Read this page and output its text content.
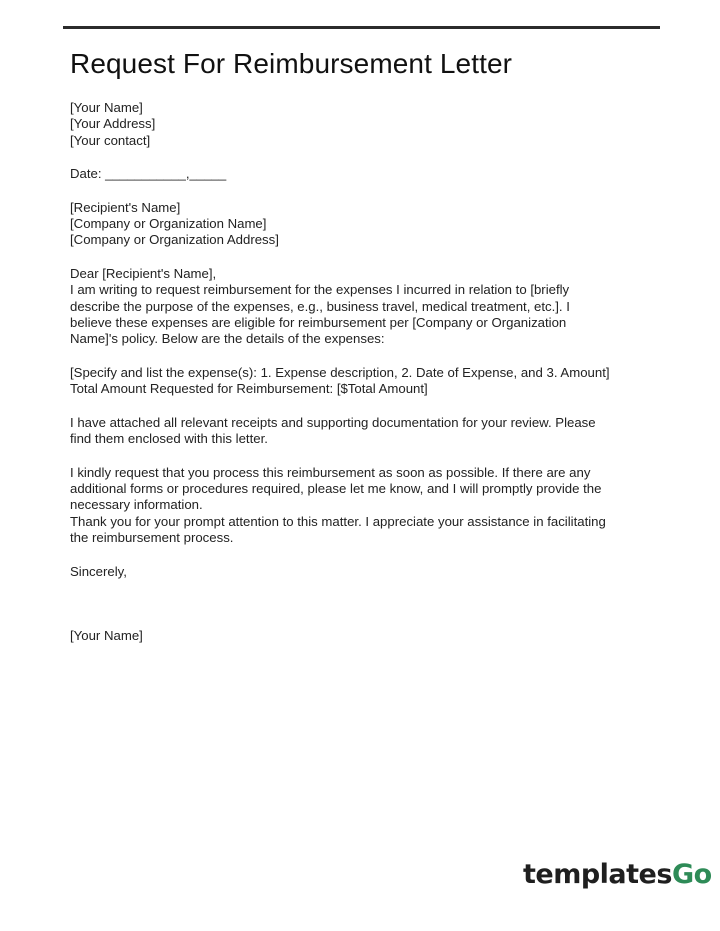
Request For Reimbursement Letter
[Your Name]
[Your Address]
[Your contact]
Date: ___________,_____
[Recipient's Name]
[Company or Organization Name]
[Company or Organization Address]
Dear [Recipient's Name],
I am writing to request reimbursement for the expenses I incurred in relation to [briefly
describe the purpose of the expenses, e.g., business travel, medical treatment, etc.]. I
believe these expenses are eligible for reimbursement per [Company or Organization
Name]'s policy. Below are the details of the expenses:
[Specify and list the expense(s): 1. Expense description, 2. Date of Expense, and 3. Amount]
Total Amount Requested for Reimbursement: [$Total Amount]
I have attached all relevant receipts and supporting documentation for your review. Please
find them enclosed with this letter.
I kindly request that you process this reimbursement as soon as possible. If there are any
additional forms or procedures required, please let me know, and I will promptly provide the
necessary information.
Thank you for your prompt attention to this matter. I appreciate your assistance in facilitating
the reimbursement process.
Sincerely,
[Your Name]
templatesGo
